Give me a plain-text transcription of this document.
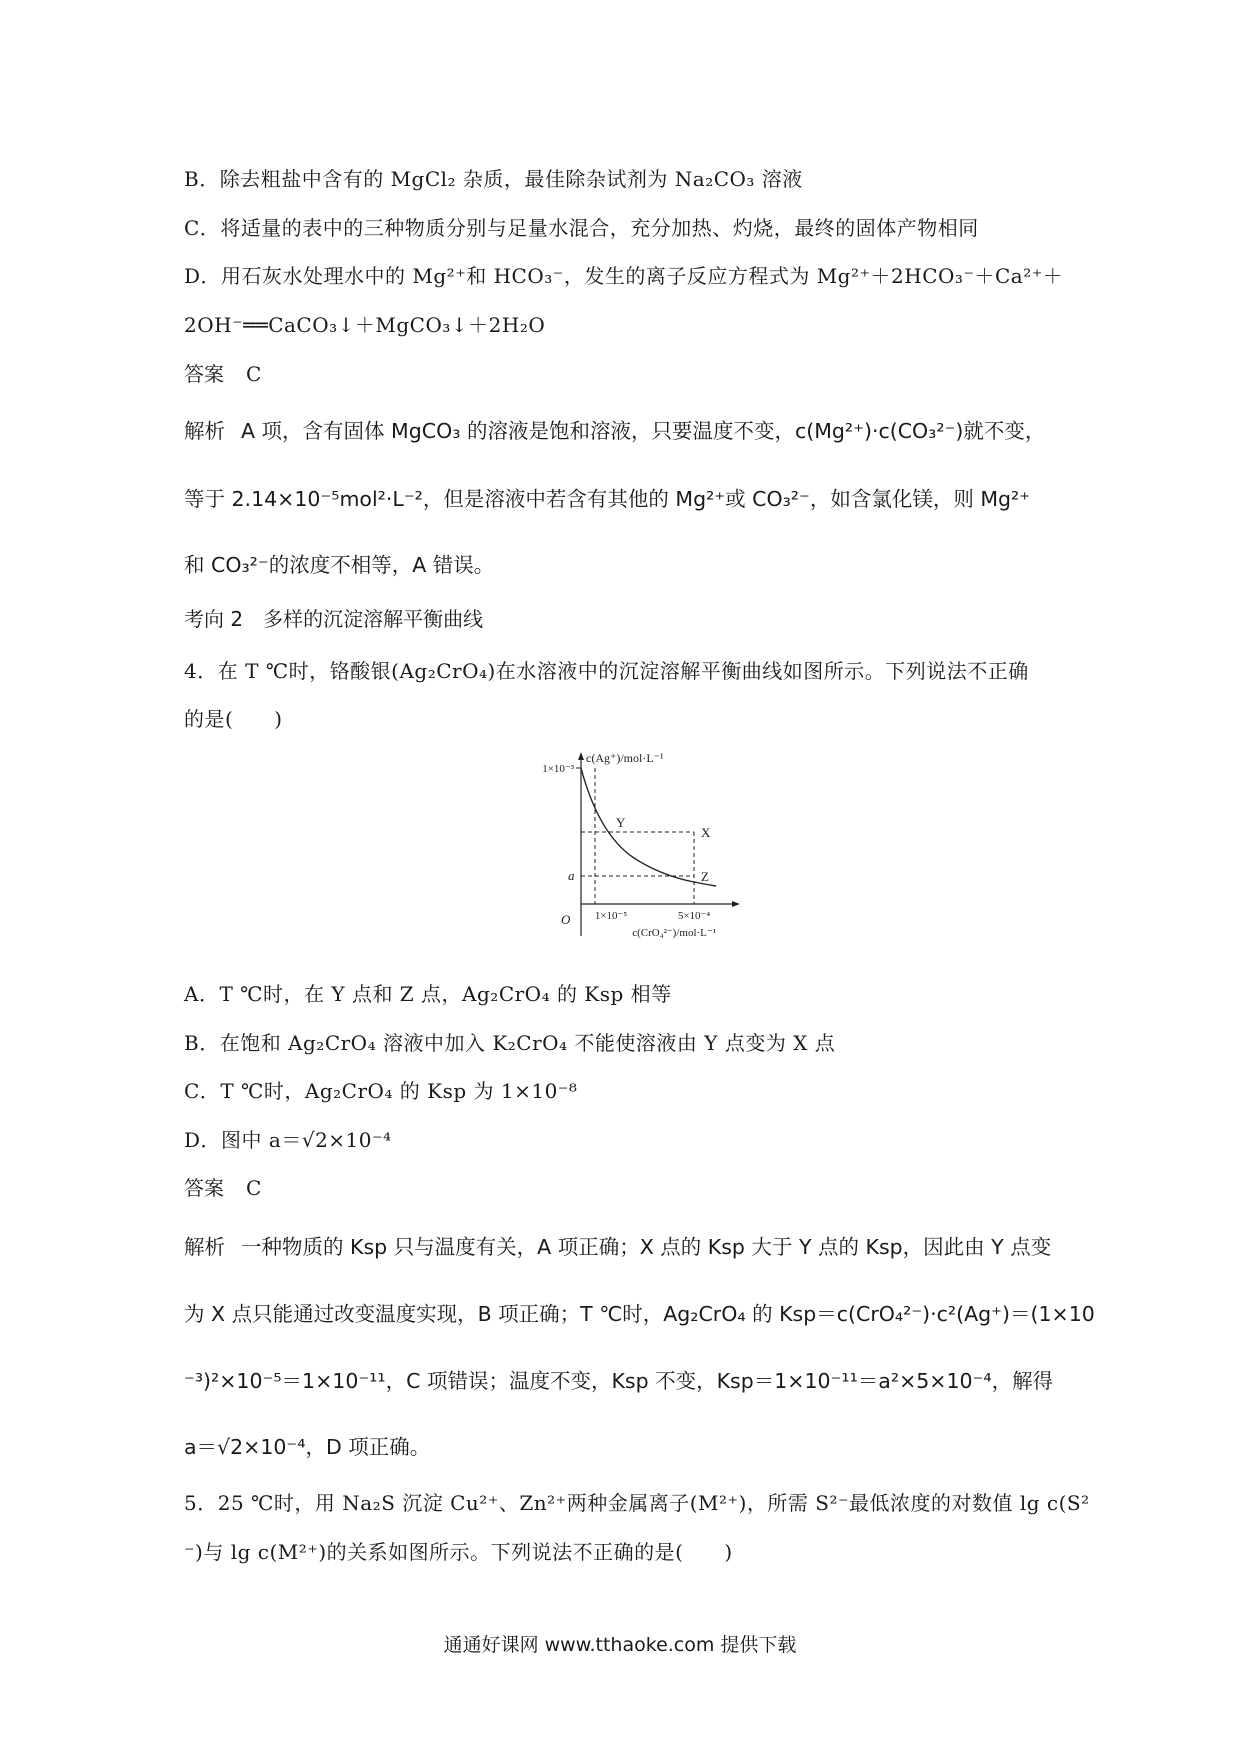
B．除去粗盐中含有的 MgCl₂ 杂质，最佳除杂试剂为 Na₂CO₃ 溶液
C．将适量的表中的三种物质分别与足量水混合，充分加热、灼烧，最终的固体产物相同
D．用石灰水处理水中的 Mg²⁺和 HCO₃⁻，发生的离子反应方程式为 Mg²⁺＋2HCO₃⁻＋Ca²⁺＋
2OH⁻══CaCO₃↓＋MgCO₃↓＋2H₂O
答案 C
解析 A 项，含有固体 MgCO₃ 的溶液是饱和溶液，只要温度不变，c(Mg²⁺)·c(CO₃²⁻)就不变，
等于 2.14×10⁻⁵mol²·L⁻²，但是溶液中若含有其他的 Mg²⁺或 CO₃²⁻，如含氯化镁，则 Mg²⁺
和 CO₃²⁻的浓度不相等，A 错误。
考向 2 多样的沉淀溶解平衡曲线
4．在 T ℃时，铬酸银(Ag₂CrO₄)在水溶液中的沉淀溶解平衡曲线如图所示。下列说法不正确
的是(　　)
c(Ag⁺)/mol·L⁻¹
1×10⁻³
Y
X
Z
a
O 1×10⁻⁵	5×10⁻⁴
c(CrO₄²⁻)/mol·L⁻¹
A．T ℃时，在 Y 点和 Z 点，Ag₂CrO₄ 的 Ksp 相等
B．在饱和 Ag₂CrO₄ 溶液中加入 K₂CrO₄ 不能使溶液由 Y 点变为 X 点
C．T ℃时，Ag₂CrO₄ 的 Ksp 为 1×10⁻⁸
D．图中 a＝√2×10⁻⁴
答案 C
解析 一种物质的 Ksp 只与温度有关，A 项正确；X 点的 Ksp 大于 Y 点的 Ksp，因此由 Y 点变
为 X 点只能通过改变温度实现，B 项正确；T ℃时，Ag₂CrO₄ 的 Ksp＝c(CrO₄²⁻)·c²(Ag⁺)＝(1×10
⁻³)²×10⁻⁵＝1×10⁻¹¹，C 项错误；温度不变，Ksp 不变，Ksp＝1×10⁻¹¹＝a²×5×10⁻⁴，解得
a＝√2×10⁻⁴，D 项正确。
5．25 ℃时，用 Na₂S 沉淀 Cu²⁺、Zn²⁺两种金属离子(M²⁺)，所需 S²⁻最低浓度的对数值 lg c(S²
⁻)与 lg c(M²⁺)的关系如图所示。下列说法不正确的是(　　)
通通好课网 www.tthaoke.com 提供下载
